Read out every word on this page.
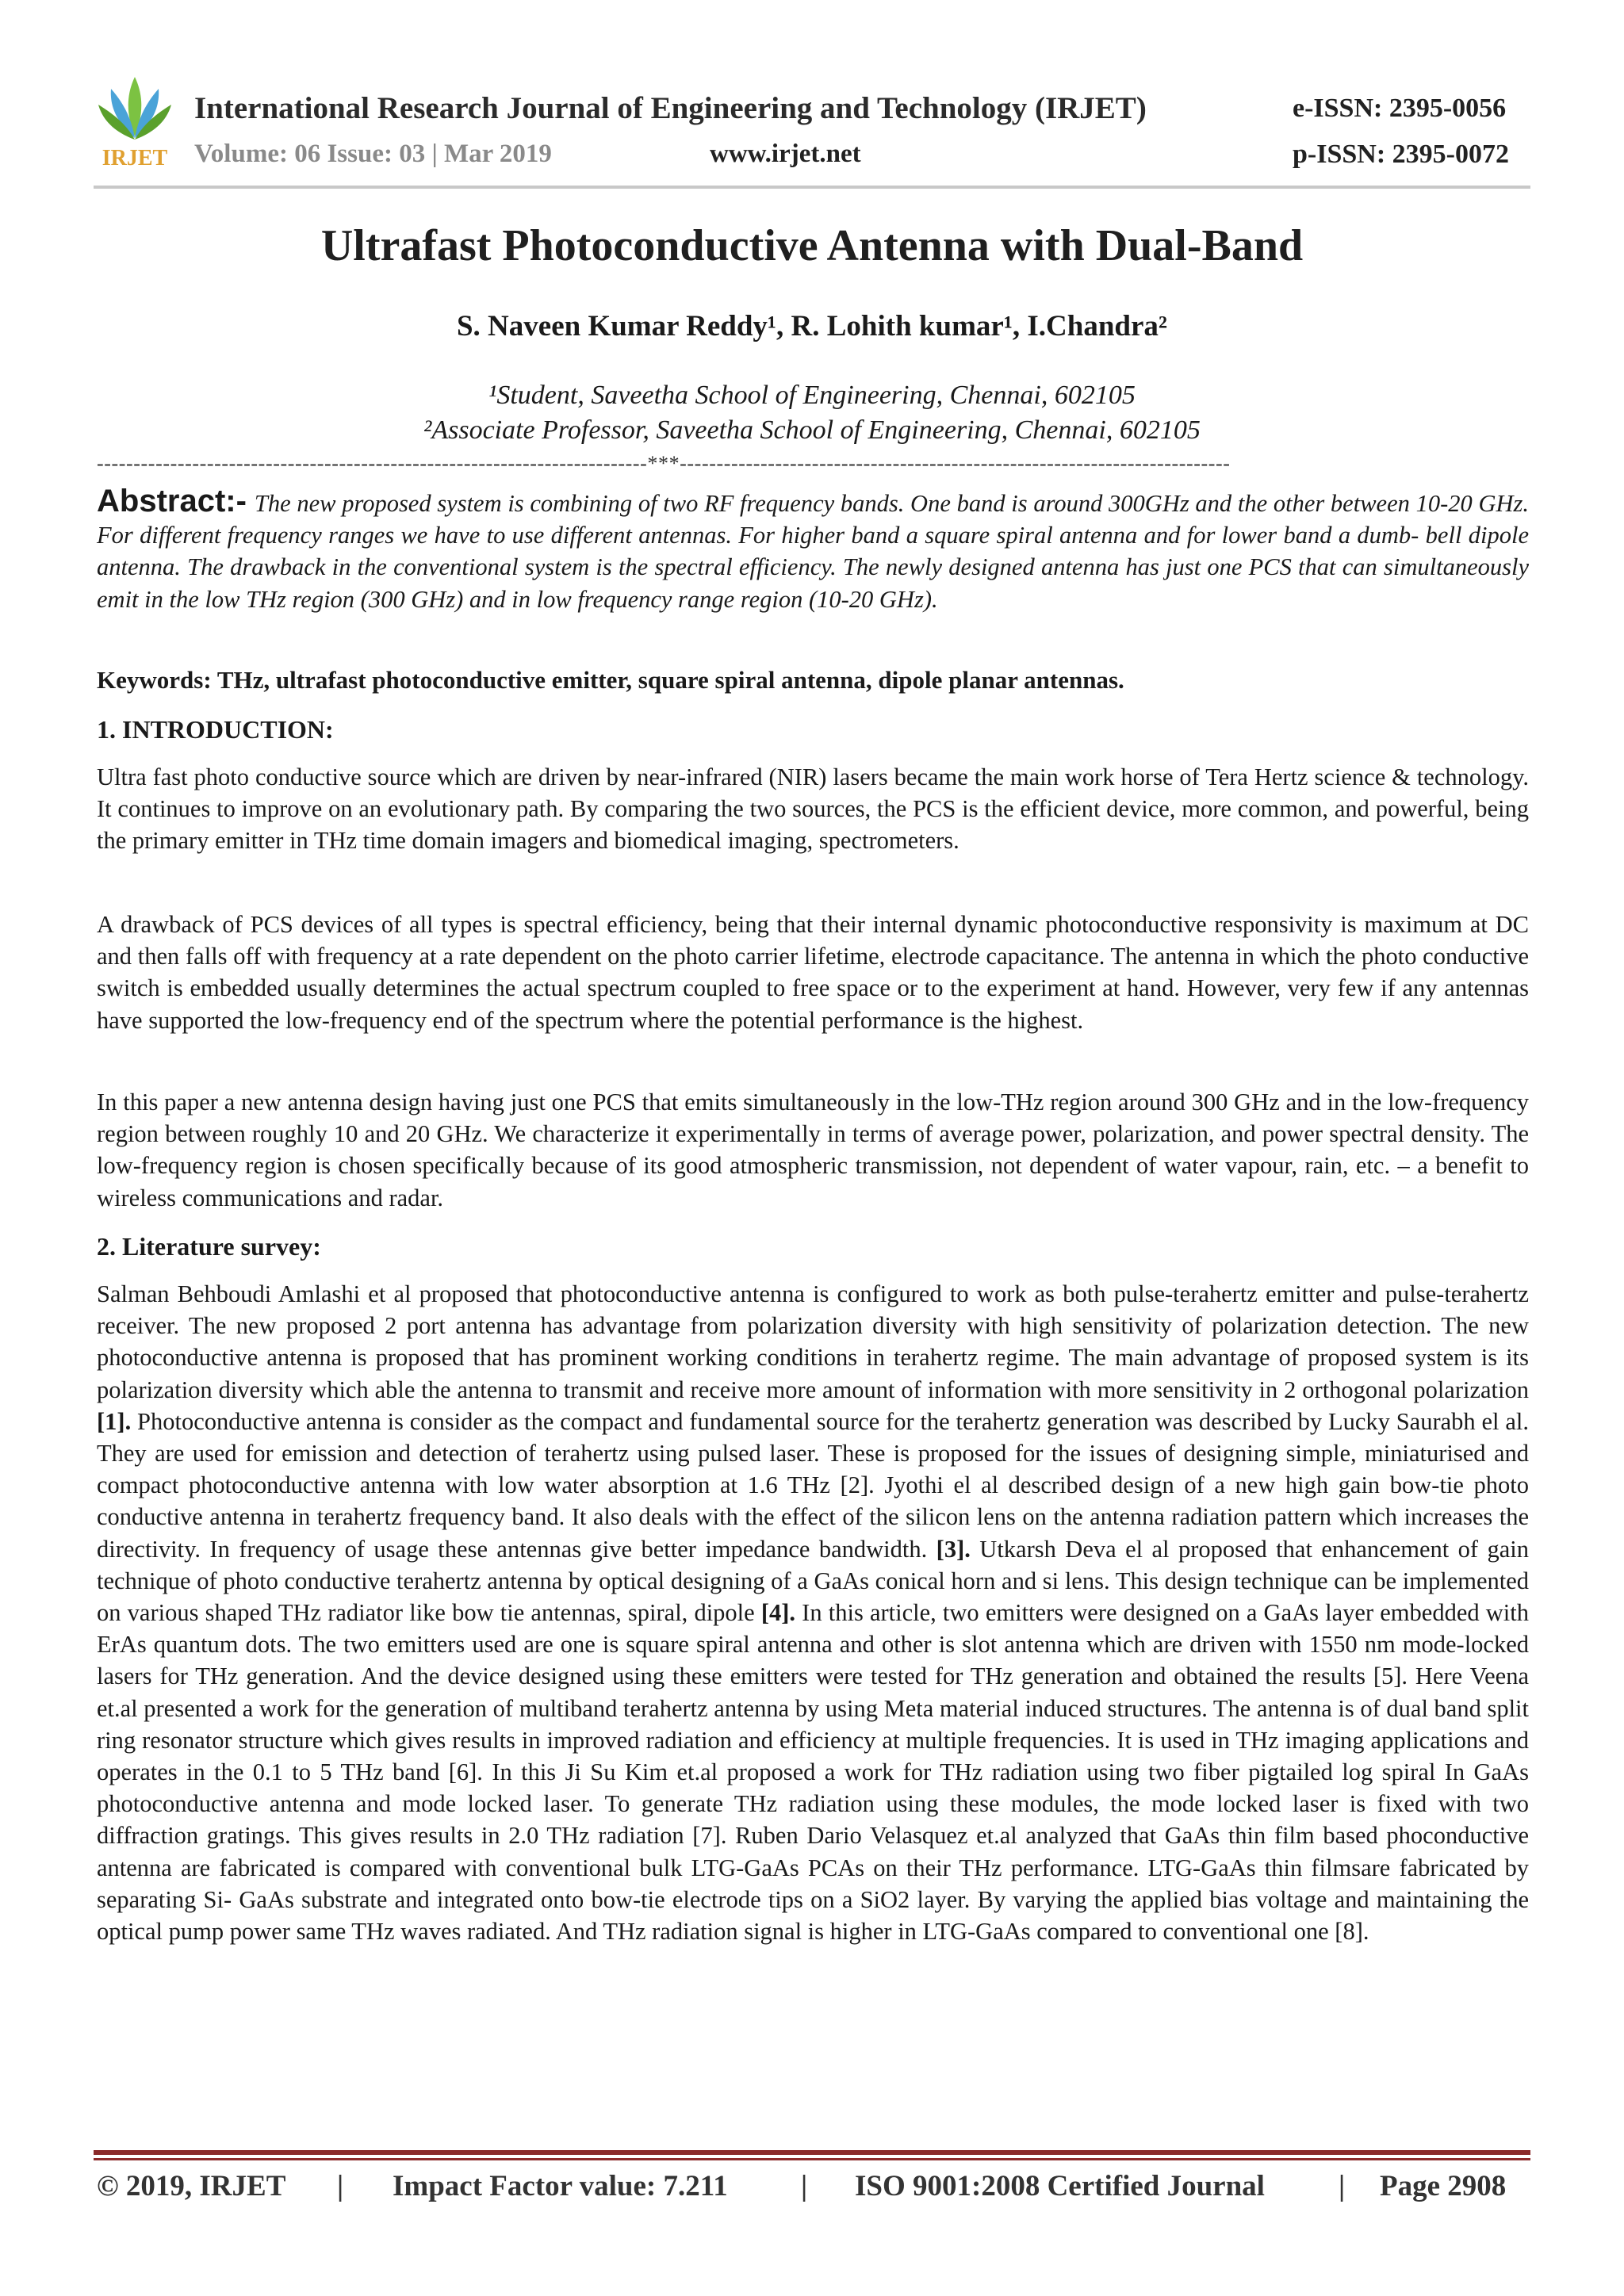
IRJET
International Research Journal of Engineering and Technology (IRJET)	e-ISSN: 2395-0056
Volume: 06 Issue: 03 | Mar 2019	www.irjet.net	p-ISSN: 2395-0072
Ultrafast Photoconductive Antenna with Dual-Band
S. Naveen Kumar Reddy¹, R. Lohith kumar¹, I.Chandra²
¹Student, Saveetha School of Engineering, Chennai, 602105
²Associate Professor, Saveetha School of Engineering, Chennai, 602105
---------------------------------------------------------------------------***---------------------------------------------------------------------------
Abstract:- The new proposed system is combining of two RF frequency bands. One band is around 300GHz and the other between 10-20 GHz. For different frequency ranges we have to use different antennas. For higher band a square spiral antenna and for lower band a dumb- bell dipole antenna. The drawback in the conventional system is the spectral efficiency. The newly designed antenna has just one PCS that can simultaneously emit in the low THz region (300 GHz) and in low frequency range region (10-20 GHz).
Keywords: THz, ultrafast photoconductive emitter, square spiral antenna, dipole planar antennas.
1. INTRODUCTION:
Ultra fast photo conductive source which are driven by near-infrared (NIR) lasers became the main work horse of Tera Hertz science & technology. It continues to improve on an evolutionary path. By comparing the two sources, the PCS is the efficient device, more common, and powerful, being the primary emitter in THz time domain imagers and biomedical imaging, spectrometers.
A drawback of PCS devices of all types is spectral efficiency, being that their internal dynamic photoconductive responsivity is maximum at DC and then falls off with frequency at a rate dependent on the photo carrier lifetime, electrode capacitance. The antenna in which the photo conductive switch is embedded usually determines the actual spectrum coupled to free space or to the experiment at hand. However, very few if any antennas have supported the low-frequency end of the spectrum where the potential performance is the highest.
In this paper a new antenna design having just one PCS that emits simultaneously in the low-THz region around 300 GHz and in the low-frequency region between roughly 10 and 20 GHz. We characterize it experimentally in terms of average power, polarization, and power spectral density. The low-frequency region is chosen specifically because of its good atmospheric transmission, not dependent of water vapour, rain, etc. – a benefit to wireless communications and radar.
2. Literature survey:
Salman Behboudi Amlashi et al proposed that photoconductive antenna is configured to work as both pulse-terahertz emitter and pulse-terahertz receiver. The new proposed 2 port antenna has advantage from polarization diversity with high sensitivity of polarization detection. The new photoconductive antenna is proposed that has prominent working conditions in terahertz regime. The main advantage of proposed system is its polarization diversity which able the antenna to transmit and receive more amount of information with more sensitivity in 2 orthogonal polarization [1]. Photoconductive antenna is consider as the compact and fundamental source for the terahertz generation was described by Lucky Saurabh el al. They are used for emission and detection of terahertz using pulsed laser. These is proposed for the issues of designing simple, miniaturised and compact photoconductive antenna with low water absorption at 1.6 THz [2]. Jyothi el al described design of a new high gain bow-tie photo conductive antenna in terahertz frequency band. It also deals with the effect of the silicon lens on the antenna radiation pattern which increases the directivity. In frequency of usage these antennas give better impedance bandwidth. [3]. Utkarsh Deva el al proposed that enhancement of gain technique of photo conductive terahertz antenna by optical designing of a GaAs conical horn and si lens. This design technique can be implemented on various shaped THz radiator like bow tie antennas, spiral, dipole [4]. In this article, two emitters were designed on a GaAs layer embedded with ErAs quantum dots. The two emitters used are one is square spiral antenna and other is slot antenna which are driven with 1550 nm mode-locked lasers for THz generation. And the device designed using these emitters were tested for THz generation and obtained the results [5]. Here Veena et.al presented a work for the generation of multiband terahertz antenna by using Meta material induced structures. The antenna is of dual band split ring resonator structure which gives results in improved radiation and efficiency at multiple frequencies. It is used in THz imaging applications and operates in the 0.1 to 5 THz band [6]. In this Ji Su Kim et.al proposed a work for THz radiation using two fiber pigtailed log spiral In GaAs photoconductive antenna and mode locked laser. To generate THz radiation using these modules, the mode locked laser is fixed with two diffraction gratings. This gives results in 2.0 THz radiation [7]. Ruben Dario Velasquez et.al analyzed that GaAs thin film based phoconductive antenna are fabricated is compared with conventional bulk LTG-GaAs PCAs on their THz performance. LTG-GaAs thin filmsare fabricated by separating Si- GaAs substrate and integrated onto bow-tie electrode tips on a SiO2 layer. By varying the applied bias voltage and maintaining the optical pump power same THz waves radiated. And THz radiation signal is higher in LTG-GaAs compared to conventional one [8].
© 2019, IRJET | Impact Factor value: 7.211 | ISO 9001:2008 Certified Journal	| Page 2908
